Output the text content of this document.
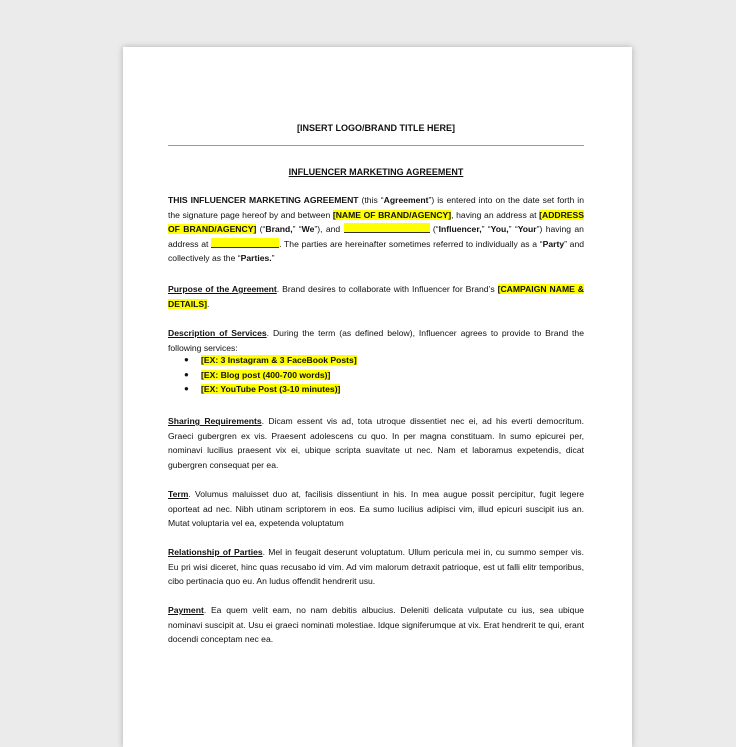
[INSERT LOGO/BRAND TITLE HERE]
INFLUENCER MARKETING AGREEMENT
THIS INFLUENCER MARKETING AGREEMENT (this “Agreement”) is entered into on the date set forth in the signature page hereof by and between [NAME OF BRAND/AGENCY], having an address at [ADDRESS OF BRAND/AGENCY] (“Brand,” “We”), and	(“Influencer,” “You,” “Your”) having an address at	. The parties are hereinafter sometimes referred to individually as a “Party” and collectively as the “Parties.”
Purpose of the Agreement. Brand desires to collaborate with Influencer for Brand’s [CAMPAIGN NAME & DETAILS].
Description of Services. During the term (as defined below), Influencer agrees to provide to Brand the following services:
● [EX: 3 Instagram & 3 FaceBook Posts]
● [EX: Blog post (400-700 words)]
● [EX: YouTube Post (3-10 minutes)]
Sharing Requirements. Dicam essent vis ad, tota utroque dissentiet nec ei, ad his everti democritum. Graeci gubergren ex vis. Praesent adolescens cu quo. In per magna constituam. In sumo epicurei per, nominavi lucilius praesent vix ei, ubique scripta suavitate ut nec. Nam et laboramus expetendis, dicat gubergren consequat per ea.
Term. Volumus maluisset duo at, facilisis dissentiunt in his. In mea augue possit percipitur, fugit legere oporteat ad nec. Nibh utinam scriptorem in eos. Ea sumo lucilius adipisci vim, illud epicuri suscipit ius an. Mutat voluptaria vel ea, expetenda voluptatum
Relationship of Parties. Mel in feugait deserunt voluptatum. Ullum pericula mei in, cu summo semper vis. Eu pri wisi diceret, hinc quas recusabo id vim. Ad vim malorum detraxit patrioque, est ut falli elitr temporibus, cibo pertinacia quo eu. An ludus offendit hendrerit usu.
Payment. Ea quem velit eam, no nam debitis albucius. Deleniti delicata vulputate cu ius, sea ubique nominavi suscipit at. Usu ei graeci nominati molestiae. Idque signiferumque at vix. Erat hendrerit te qui, erant docendi conceptam nec ea.
